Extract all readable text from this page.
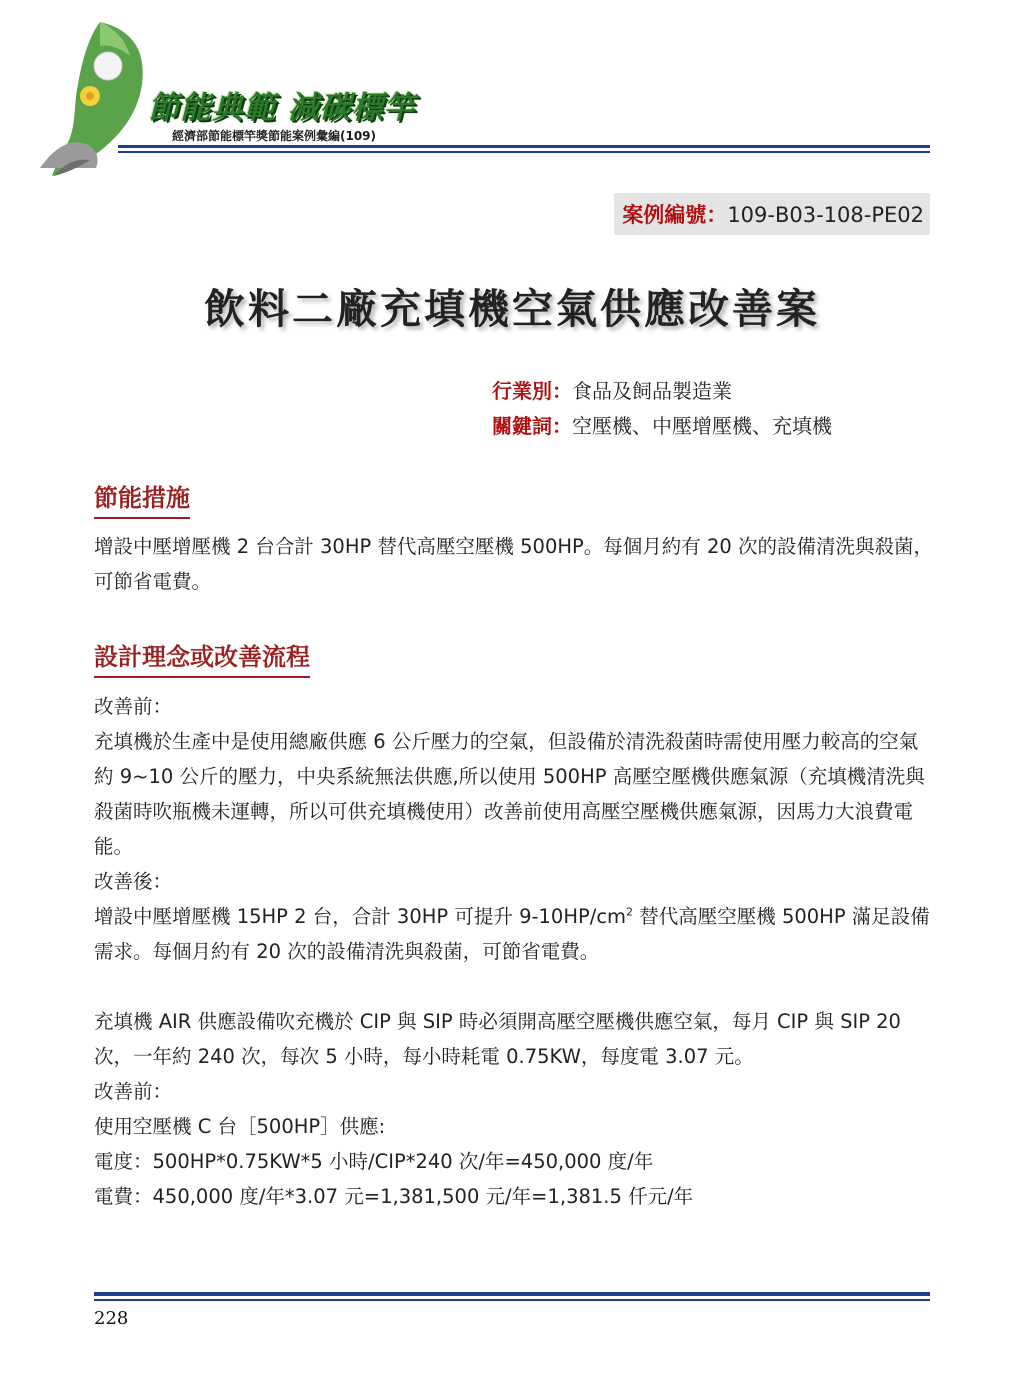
節能典範 減碳標竿
經濟部節能標竿獎節能案例彙編(109)
案例編號：109-B03-108-PE02
飲料二廠充填機空氣供應改善案
行業別：食品及飼品製造業
關鍵詞：空壓機、中壓增壓機、充填機
節能措施
增設中壓增壓機 2 台合計 30HP 替代高壓空壓機 500HP。每個月約有 20 次的設備清洗與殺菌，可節省電費。
設計理念或改善流程

改善前：

充填機於生產中是使用總廠供應 6 公斤壓力的空氣，但設備於清洗殺菌時需使用壓力較高的空氣約 9~10 公斤的壓力，中央系統無法供應,所以使用 500HP 高壓空壓機供應氣源（充填機清洗與殺菌時吹瓶機未運轉，所以可供充填機使用）改善前使用高壓空壓機供應氣源，因馬力大浪費電能。

改善後：

增設中壓增壓機 15HP 2 台，合計 30HP 可提升 $9-10HP/cm^2$ 替代高壓空壓機 500HP 滿足設備需求。每個月約有 20 次的設備清洗與殺菌，可節省電費。

充填機 AIR 供應設備吹充機於 CIP 與 SIP 時必須開高壓空壓機供應空氣，每月 CIP 與 SIP 20 次，一年約 240 次，每次 5 小時，每小時耗電 0.75KW，每度電 3.07 元。

改善前：

使用空壓機 C 台［500HP］供應:

電度：500HP*0.75KW*5 小時/CIP*240 次/年=450,000 度/年

電費：450,000 度/年*3.07 元=1,381,500 元/年=1,381.5 仟元/年

228
